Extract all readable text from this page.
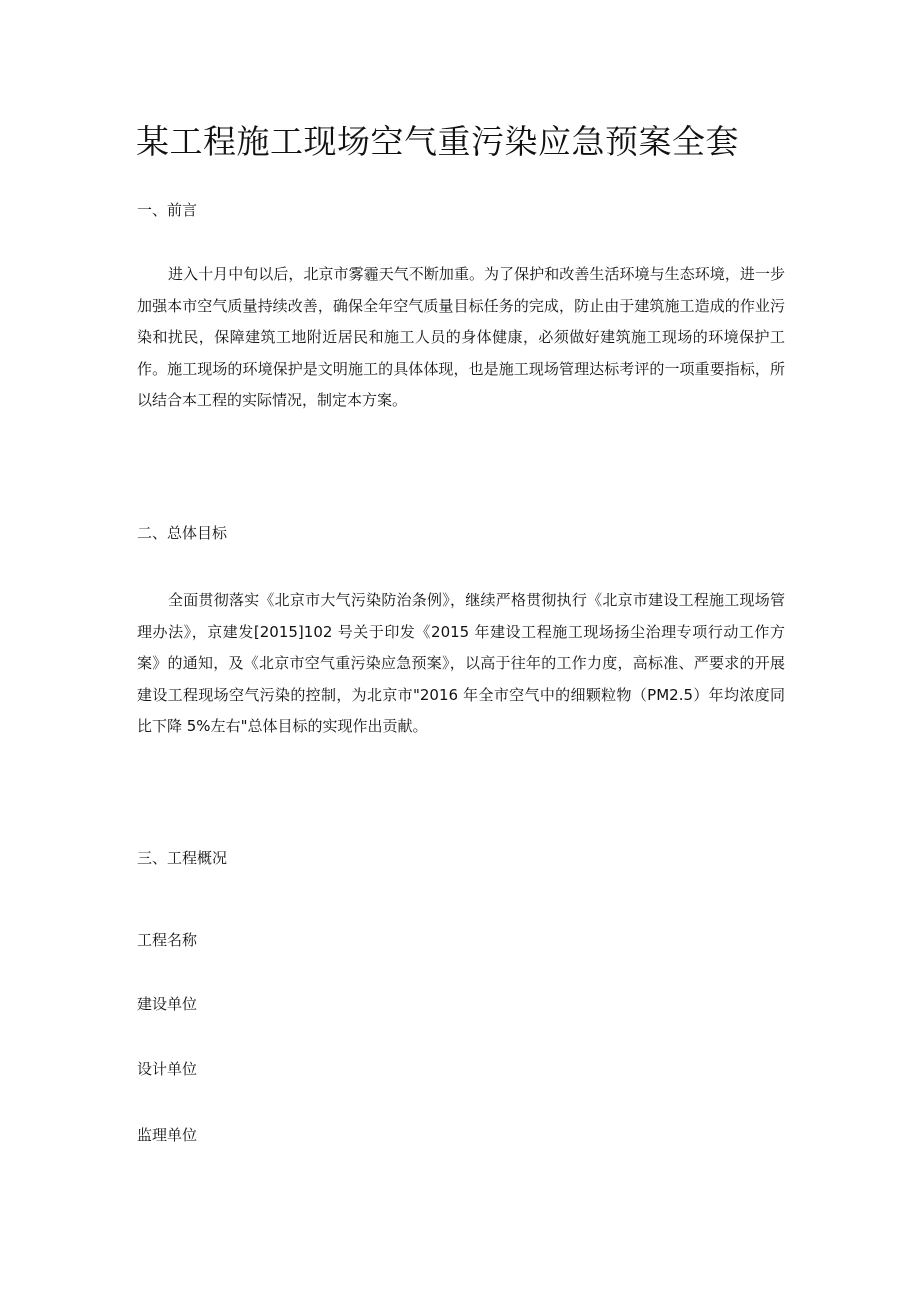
某工程施工现场空气重污染应急预案全套
一、前言

进入十月中旬以后，北京市雾霾天气不断加重。为了保护和改善生活环境与生态环境，进一步加强本市空气质量持续改善，确保全年空气质量目标任务的完成，防止由于建筑施工造成的作业污染和扰民，保障建筑工地附近居民和施工人员的身体健康，必须做好建筑施工现场的环境保护工作。施工现场的环境保护是文明施工的具体体现，也是施工现场管理达标考评的一项重要指标，所以结合本工程的实际情况，制定本方案。

二、总体目标

全面贯彻落实《北京市大气污染防治条例》，继续严格贯彻执行《北京市建设工程施工现场管理办法》，京建发[2015]102 号关于印发《2015 年建设工程施工现场扬尘治理专项行动工作方案》的通知，及《北京市空气重污染应急预案》，以高于往年的工作力度，高标准、严要求的开展建设工程现场空气污染的控制，为北京市"2016 年全市空气中的细颗粒物（PM2.5）年均浓度同比下降 5%左右"总体目标的实现作出贡献。

三、工程概况
工程名称
建设单位
设计单位
监理单位
